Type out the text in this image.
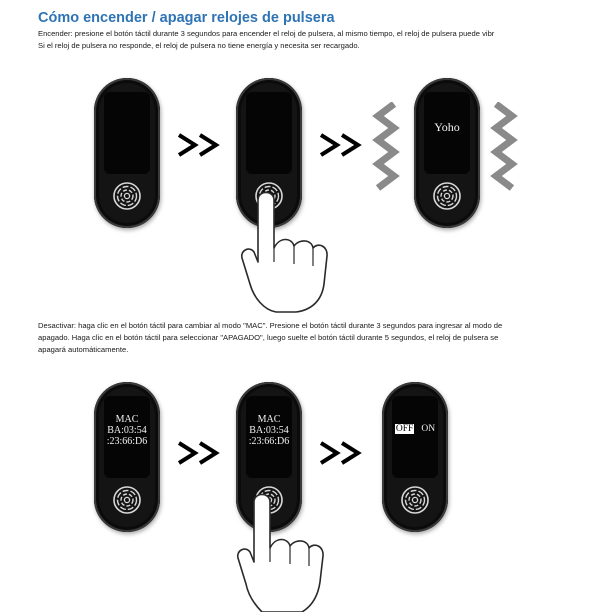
Cómo encender / apagar relojes de pulsera
Encender: presione el botón táctil durante 3 segundos para encender el reloj de pulsera, al mismo tiempo, el reloj de pulsera puede vibr
Si el reloj de pulsera no responde, el reloj de pulsera no tiene energía y necesita ser recargado.
Yoho
Desactivar: haga clic en el botón táctil para cambiar al modo "MAC". Presione el botón táctil durante 3 segundos para ingresar al modo de
apagado. Haga clic en el botón táctil para seleccionar "APAGADO", luego suelte el botón táctil durante 5 segundos, el reloj de pulsera se
apagará automáticamente.
MAC
BA:03:54
:23:66:D6
MAC
BA:03:54
:23:66:D6
OFF ON
